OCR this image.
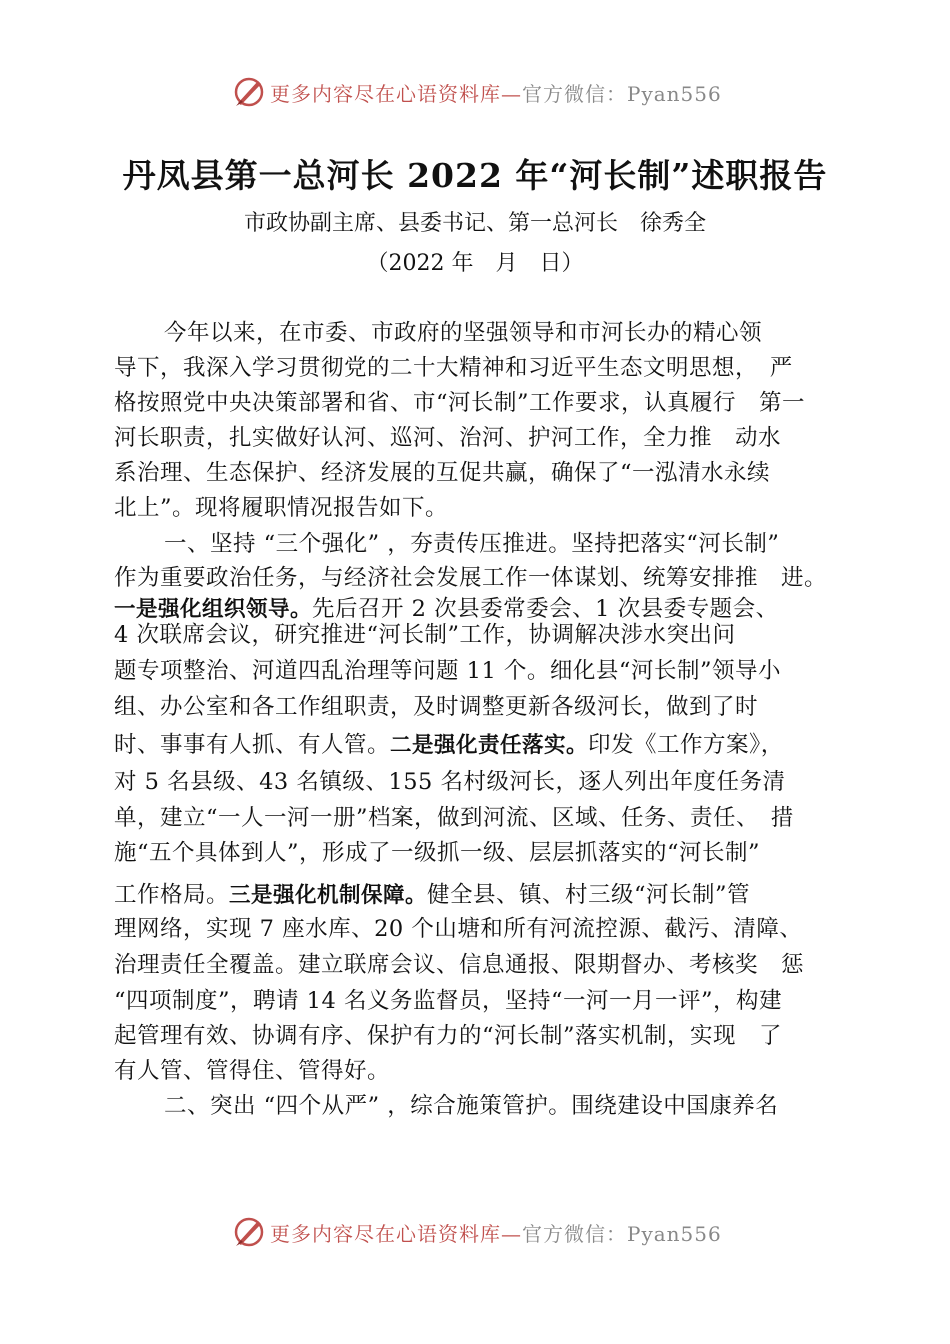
更多内容尽在心语资料库—官方微信：Pyan556
丹凤县第一总河长 2022 年“河长制”述职报告
市政协副主席、县委书记、第一总河长　徐秀全
（2022 年　月　日）
今年以来，在市委、市政府的坚强领导和市河长办的精心领
导下，我深入学习贯彻党的二十大精神和习近平生态文明思想，　严
格按照党中央决策部署和省、市“河长制”工作要求，认真履行　第一
河长职责，扎实做好认河、巡河、治河、护河工作，全力推　动水
系治理、生态保护、经济发展的互促共赢，确保了“一泓清水永续
北上”。现将履职情况报告如下。
一、坚持 “三个强化” ，夯责传压推进。坚持把落实“河长制”
作为重要政治任务，与经济社会发展工作一体谋划、统筹安排推　进。
一是强化组织领导。先后召开 2 次县委常委会、1 次县委专题会、
4 次联席会议，研究推进“河长制”工作，协调解决涉水突出问
题专项整治、河道四乱治理等问题 11 个。细化县“河长制”领导小
组、办公室和各工作组职责，及时调整更新各级河长，做到了时
时、事事有人抓、有人管。二是强化责任落实。印发《工作方案》，
对 5 名县级、43 名镇级、155 名村级河长，逐人列出年度任务清
单，建立“一人一河一册”档案，做到河流、区域、任务、责任、　措
施“五个具体到人”，形成了一级抓一级、层层抓落实的“河长制”
工作格局。三是强化机制保障。健全县、镇、村三级“河长制”管
理网络，实现 7 座水库、20 个山塘和所有河流控源、截污、清障、
治理责任全覆盖。建立联席会议、信息通报、限期督办、考核奖　惩
“四项制度”，聘请 14 名义务监督员，坚持“一河一月一评”，构建
起管理有效、协调有序、保护有力的“河长制”落实机制，实现　了
有人管、管得住、管得好。
二、突出 “四个从严” ，综合施策管护。围绕建设中国康养名
更多内容尽在心语资料库—官方微信：Pyan556
